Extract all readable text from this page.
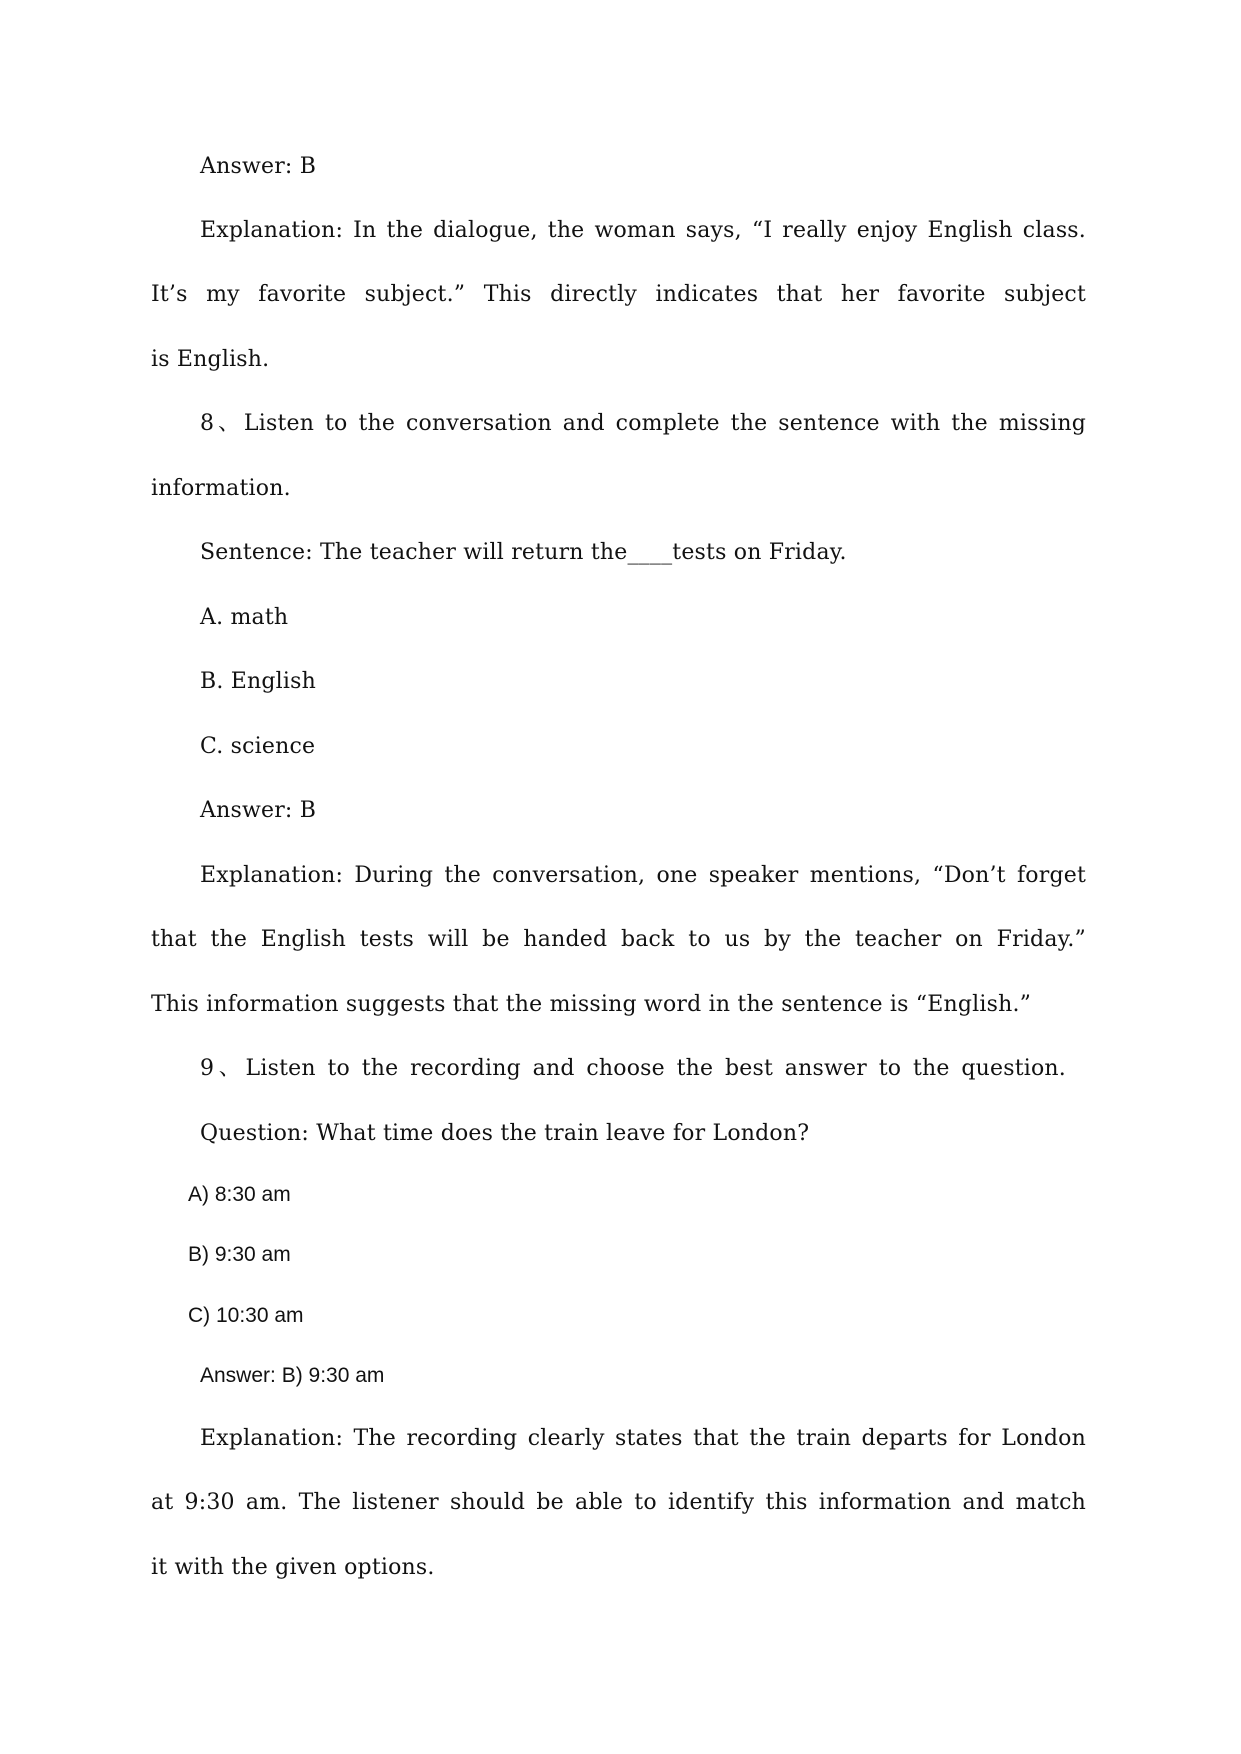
Answer: B
Explanation: In the dialogue, the woman says, “I really enjoy English class.
It’s my favorite subject.” This directly indicates that her favorite subject
is English.
8、Listen to the conversation and complete the sentence with the missing
information.
Sentence: The teacher will return the____tests on Friday.
A. math
B. English
C. science
Answer: B
Explanation: During the conversation, one speaker mentions, “Don’t forget
that the English tests will be handed back to us by the teacher on Friday.”
This information suggests that the missing word in the sentence is “English.”
9、Listen to the recording and choose the best answer to the question.
Question: What time does the train leave for London?
A) 8:30 am
B) 9:30 am
C) 10:30 am
Answer: B) 9:30 am
Explanation: The recording clearly states that the train departs for London
at 9:30 am. The listener should be able to identify this information and match
it with the given options.
